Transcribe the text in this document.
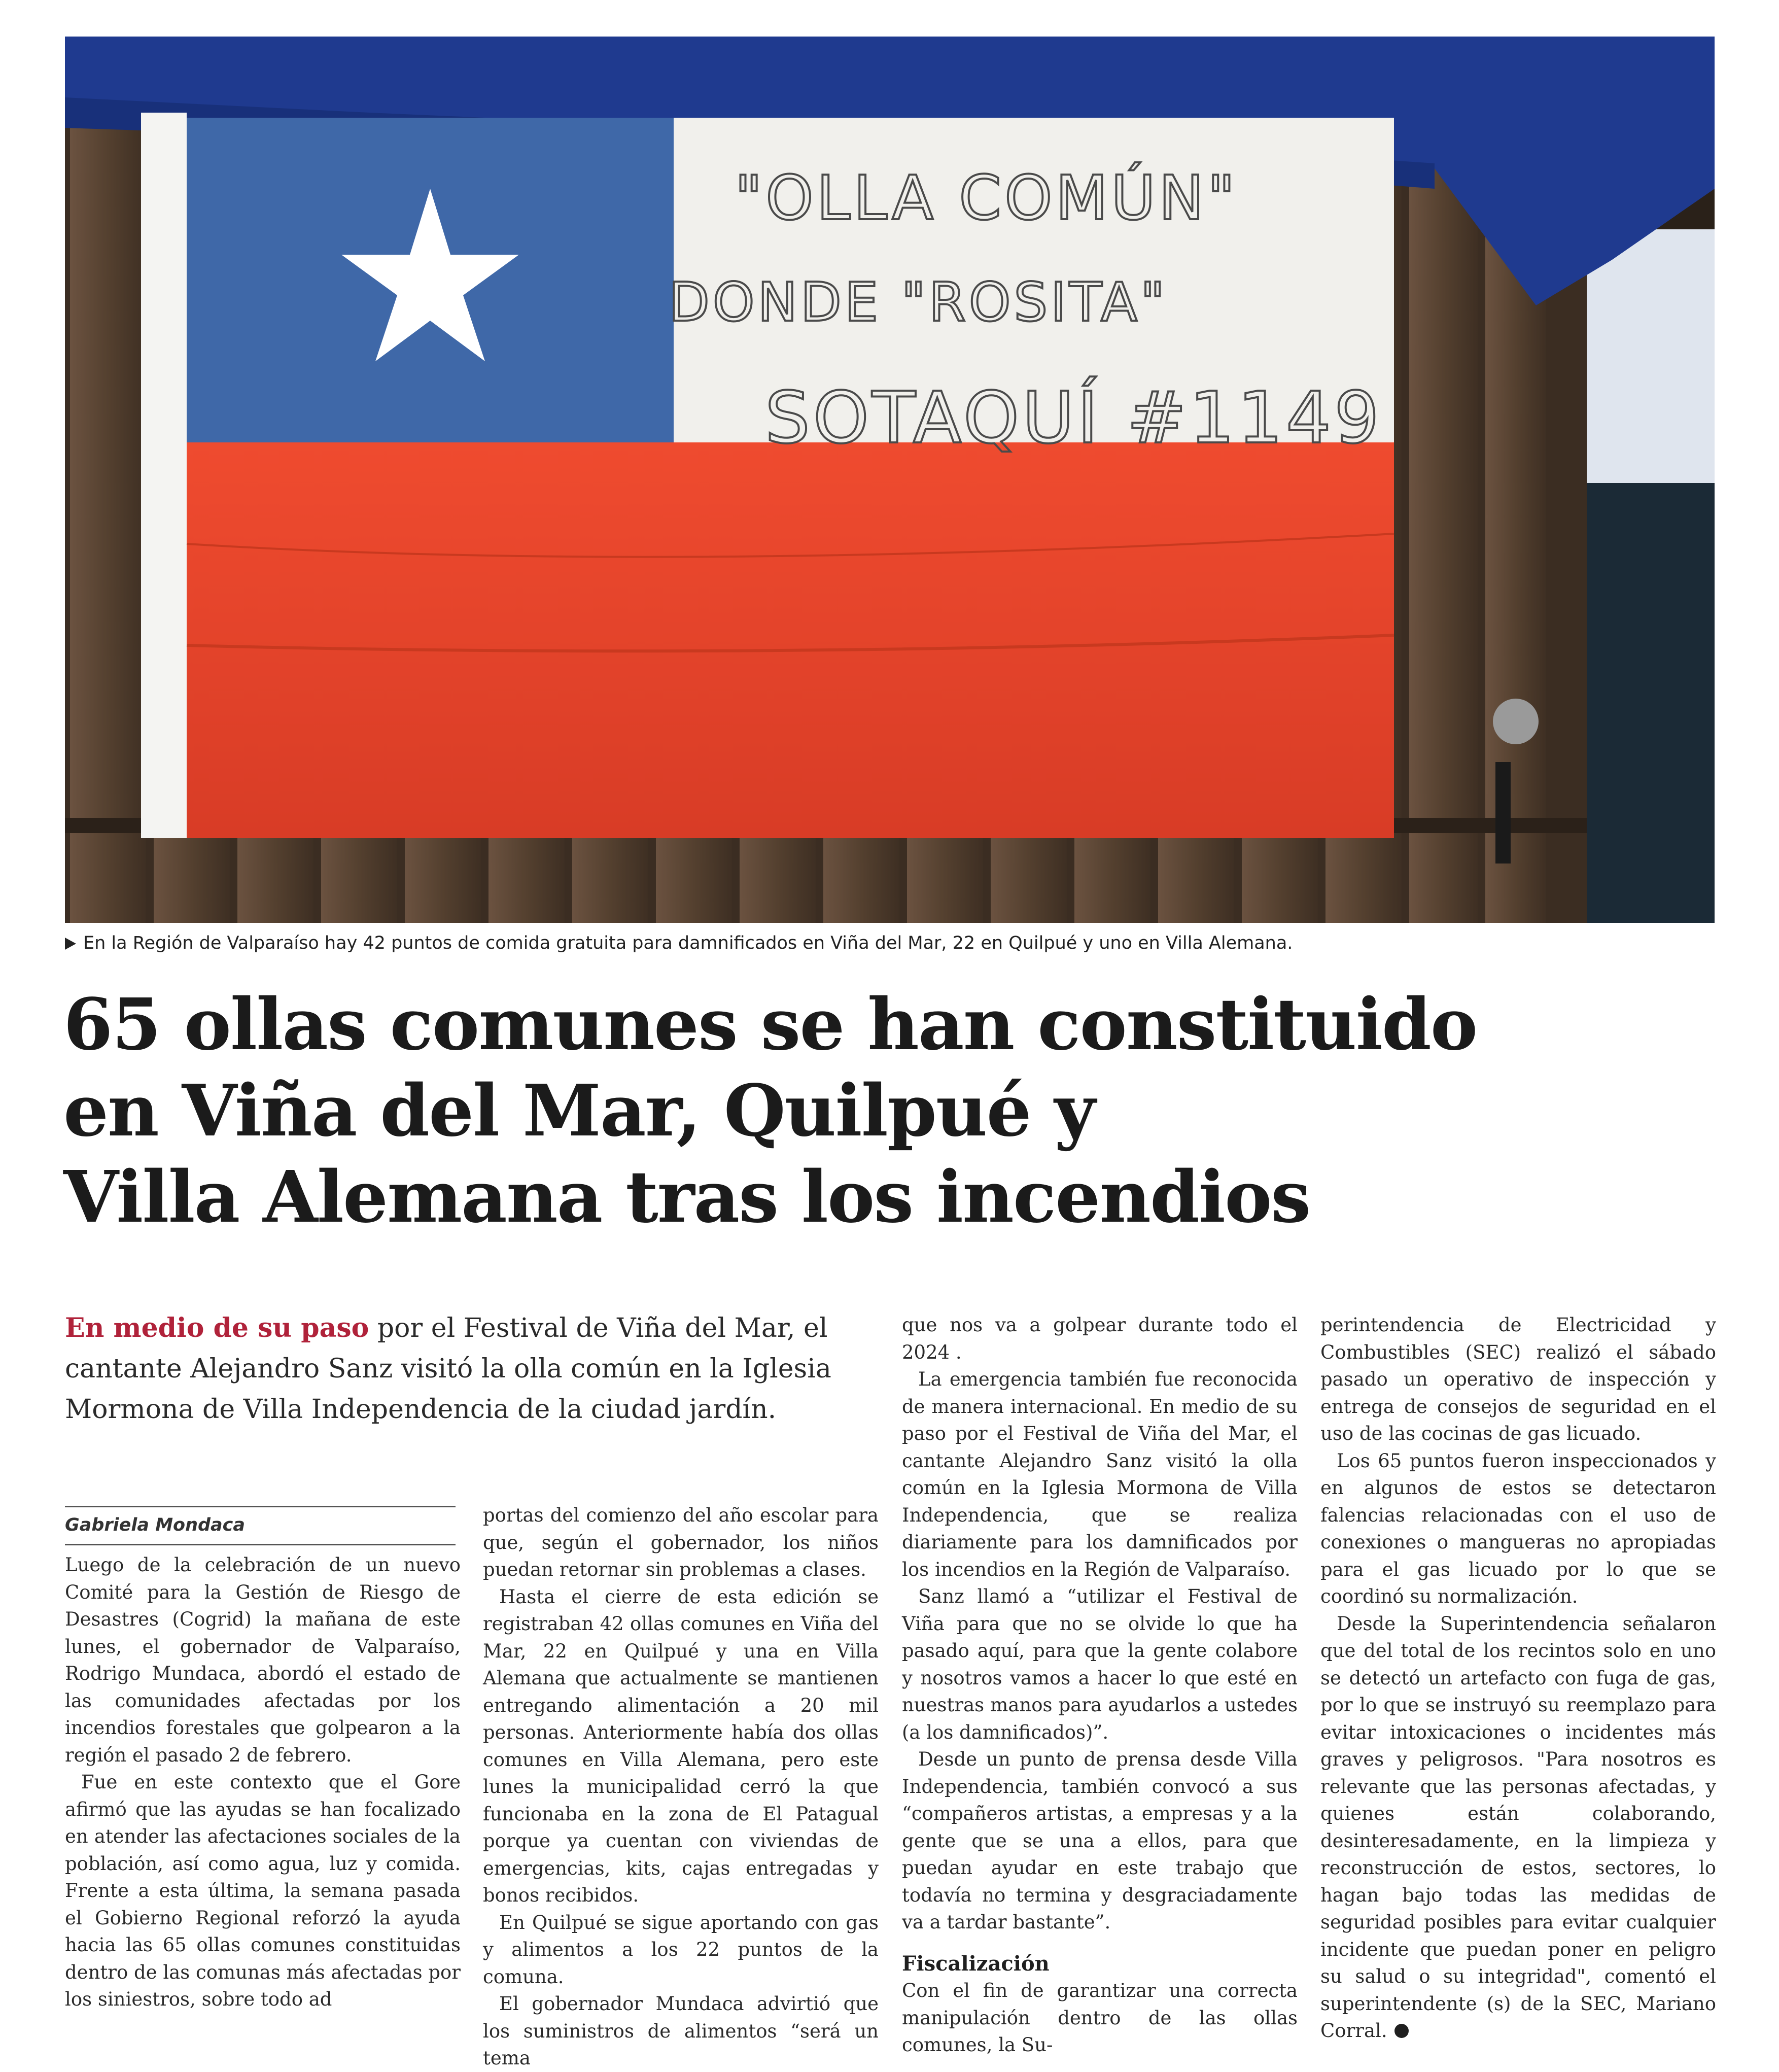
"OLLA COMÚN"
DONDE "ROSITA"
SOTAQUÍ #1149
En la Región de Valparaíso hay 42 puntos de comida gratuita para damnificados en Viña del Mar, 22 en Quilpué y uno en Villa Alemana.
65 ollas comunes se han constituido
en Viña del Mar, Quilpué y
Villa Alemana tras los incendios
En medio de su paso por el Festival de Viña del Mar, el cantante Alejandro Sanz visitó la olla común en la Iglesia Mormona de Villa Independencia de la ciudad jardín.
Gabriela Mondaca

Luego de la celebración de un nuevo Comité para la Gestión de Riesgo de Desastres (Cogrid) la mañana de este lunes, el gobernador de Valparaíso, Rodrigo Mundaca, abordó el estado de las comunidades afectadas por los incendios forestales que golpearon a la región el pasado 2 de febrero.

Fue en este contexto que el Gore afirmó que las ayudas se han focalizado en atender las afectaciones sociales de la población, así como agua, luz y comida. Frente a esta última, la semana pasada el Gobierno Regional reforzó la ayuda hacia las 65 ollas comunes constituidas dentro de las comunas más afectadas por los siniestros, sobre todo ad

portas del comienzo del año escolar para que, según el gobernador, los niños puedan retornar sin problemas a clases.

Hasta el cierre de esta edición se registraban 42 ollas comunes en Viña del Mar, 22 en Quilpué y una en Villa Alemana que actualmente se mantienen entregando alimentación a 20 mil personas. Anteriormente había dos ollas comunes en Villa Alemana, pero este lunes la municipalidad cerró la que funcionaba en la zona de El Patagual porque ya cuentan con viviendas de emergencias, kits, cajas entregadas y bonos recibidos.

En Quilpué se sigue aportando con gas y alimentos a los 22 puntos de la comuna.

El gobernador Mundaca advirtió que los suministros de alimentos “será un tema

que nos va a golpear durante todo el 2024 .

La emergencia también fue reconocida de manera internacional. En medio de su paso por el Festival de Viña del Mar, el cantante Alejandro Sanz visitó la olla común en la Iglesia Mormona de Villa Independencia, que se realiza diariamente para los damnificados por los incendios en la Región de Valparaíso.

Sanz llamó a “utilizar el Festival de Viña para que no se olvide lo que ha pasado aquí, para que la gente colabore y nosotros vamos a hacer lo que esté en nuestras manos para ayudarlos a ustedes (a los damnificados)”.

Desde un punto de prensa desde Villa Independencia, también convocó a sus “compañeros artistas, a empresas y a la gente que se una a ellos, para que puedan ayudar en este trabajo que todavía no termina y desgraciadamente va a tardar bastante”.

Fiscalización

Con el fin de garantizar una correcta manipulación dentro de las ollas comunes, la Su-

perintendencia de Electricidad y Combustibles (SEC) realizó el sábado pasado un operativo de inspección y entrega de consejos de seguridad en el uso de las cocinas de gas licuado.

Los 65 puntos fueron inspeccionados y en algunos de estos se detectaron falencias relacionadas con el uso de conexiones o mangueras no apropiadas para el gas licuado por lo que se coordinó su normalización.

Desde la Superintendencia señalaron que del total de los recintos solo en uno se detectó un artefacto con fuga de gas, por lo que se instruyó su reemplazo para evitar intoxicaciones o incidentes más graves y peligrosos. "Para nosotros es relevante que las personas afectadas, y quienes están colaborando, desinteresadamente, en la limpieza y reconstrucción de estos, sectores, lo hagan bajo todas las medidas de seguridad posibles para evitar cualquier incidente que puedan poner en peligro su salud o su integridad", comentó el superintendente (s) de la SEC, Mariano Corral.
